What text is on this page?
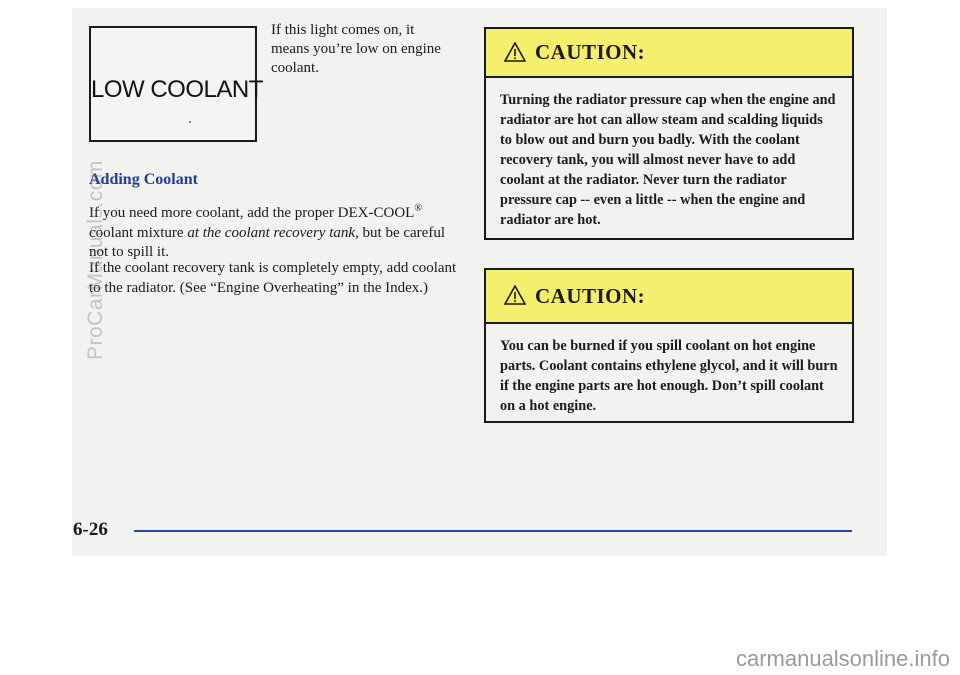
LOW COOLANT
If this light comes on, it means you’re low on engine coolant.
Adding Coolant

If you need more coolant, add the proper DEX-COOL® coolant mixture at the coolant recovery tank, but be careful not to spill it.

If the coolant recovery tank is completely empty, add coolant to the radiator. (See “Engine Overheating” in the Index.)

CAUTION:
Turning the radiator pressure cap when the engine and radiator are hot can allow steam and scalding liquids to blow out and burn you badly. With the coolant recovery tank, you will almost never have to add coolant at the radiator. Never turn the radiator pressure cap -- even a little -- when the engine and radiator are hot.
CAUTION:
You can be burned if you spill coolant on hot engine parts. Coolant contains ethylene glycol, and it will burn if the engine parts are hot enough. Don’t spill coolant on a hot engine.
6-26
ProCarManuals.com
carmanualsonline.info
